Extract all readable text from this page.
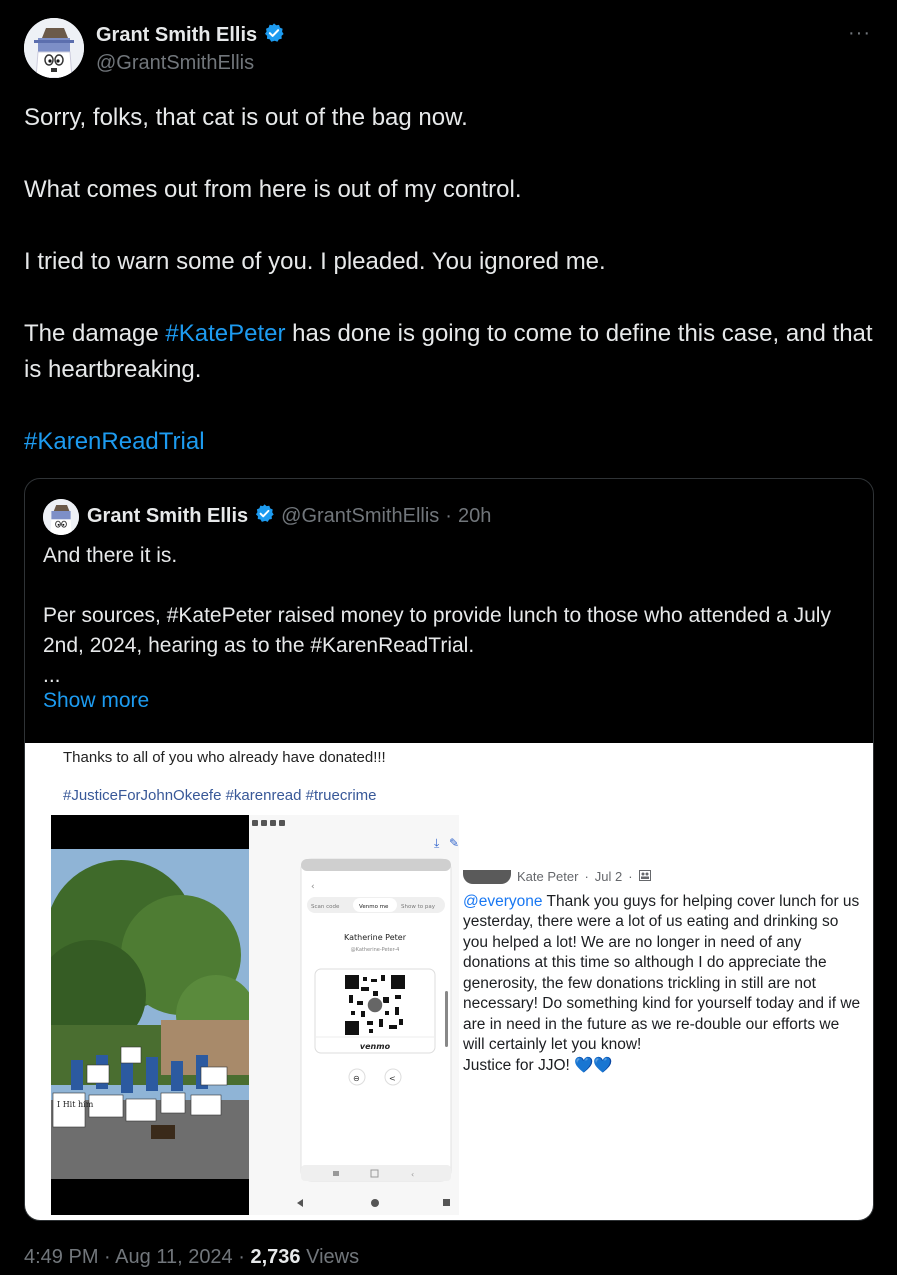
Grant Smith Ellis
@GrantSmithEllis
···

Sorry, folks, that cat is out of the bag now.

What comes out from here is out of my control.

I tried to warn some of you. I pleaded. You ignored me.

The damage #KatePeter has done is going to come to define this case, and that is heartbreaking.

#KarenReadTrial

Grant Smith Ellis @GrantSmithEllis · 20h

And there it is.

Per sources, #KatePeter raised money to provide lunch to those who attended a July 2nd, 2024, hearing as to the #KarenReadTrial.

...

Show more
Thanks to all of you who already have donated!!!
#JusticeForJohnOkeefe #karenread #truecrime
I Hit him
⤓ ✎
‹
Scan code	Venmo me Show to pay
Katherine Peter
@Katherine-Peter-4
venmo
⊖	<
‹
Kate Peter · Jul 2 ·
@everyone Thank you guys for helping cover lunch for us yesterday, there were a lot of us eating and drinking so you helped a lot! We are no longer in need of any donations at this time so although I do appreciate the generosity, the few donations trickling in still are not necessary! Do something kind for yourself today and if we are in need in the future as we re-double our efforts we will certainly let you know!
Justice for JJO! 💙💙
4:49 PM · Aug 11, 2024 · 2,736 Views
